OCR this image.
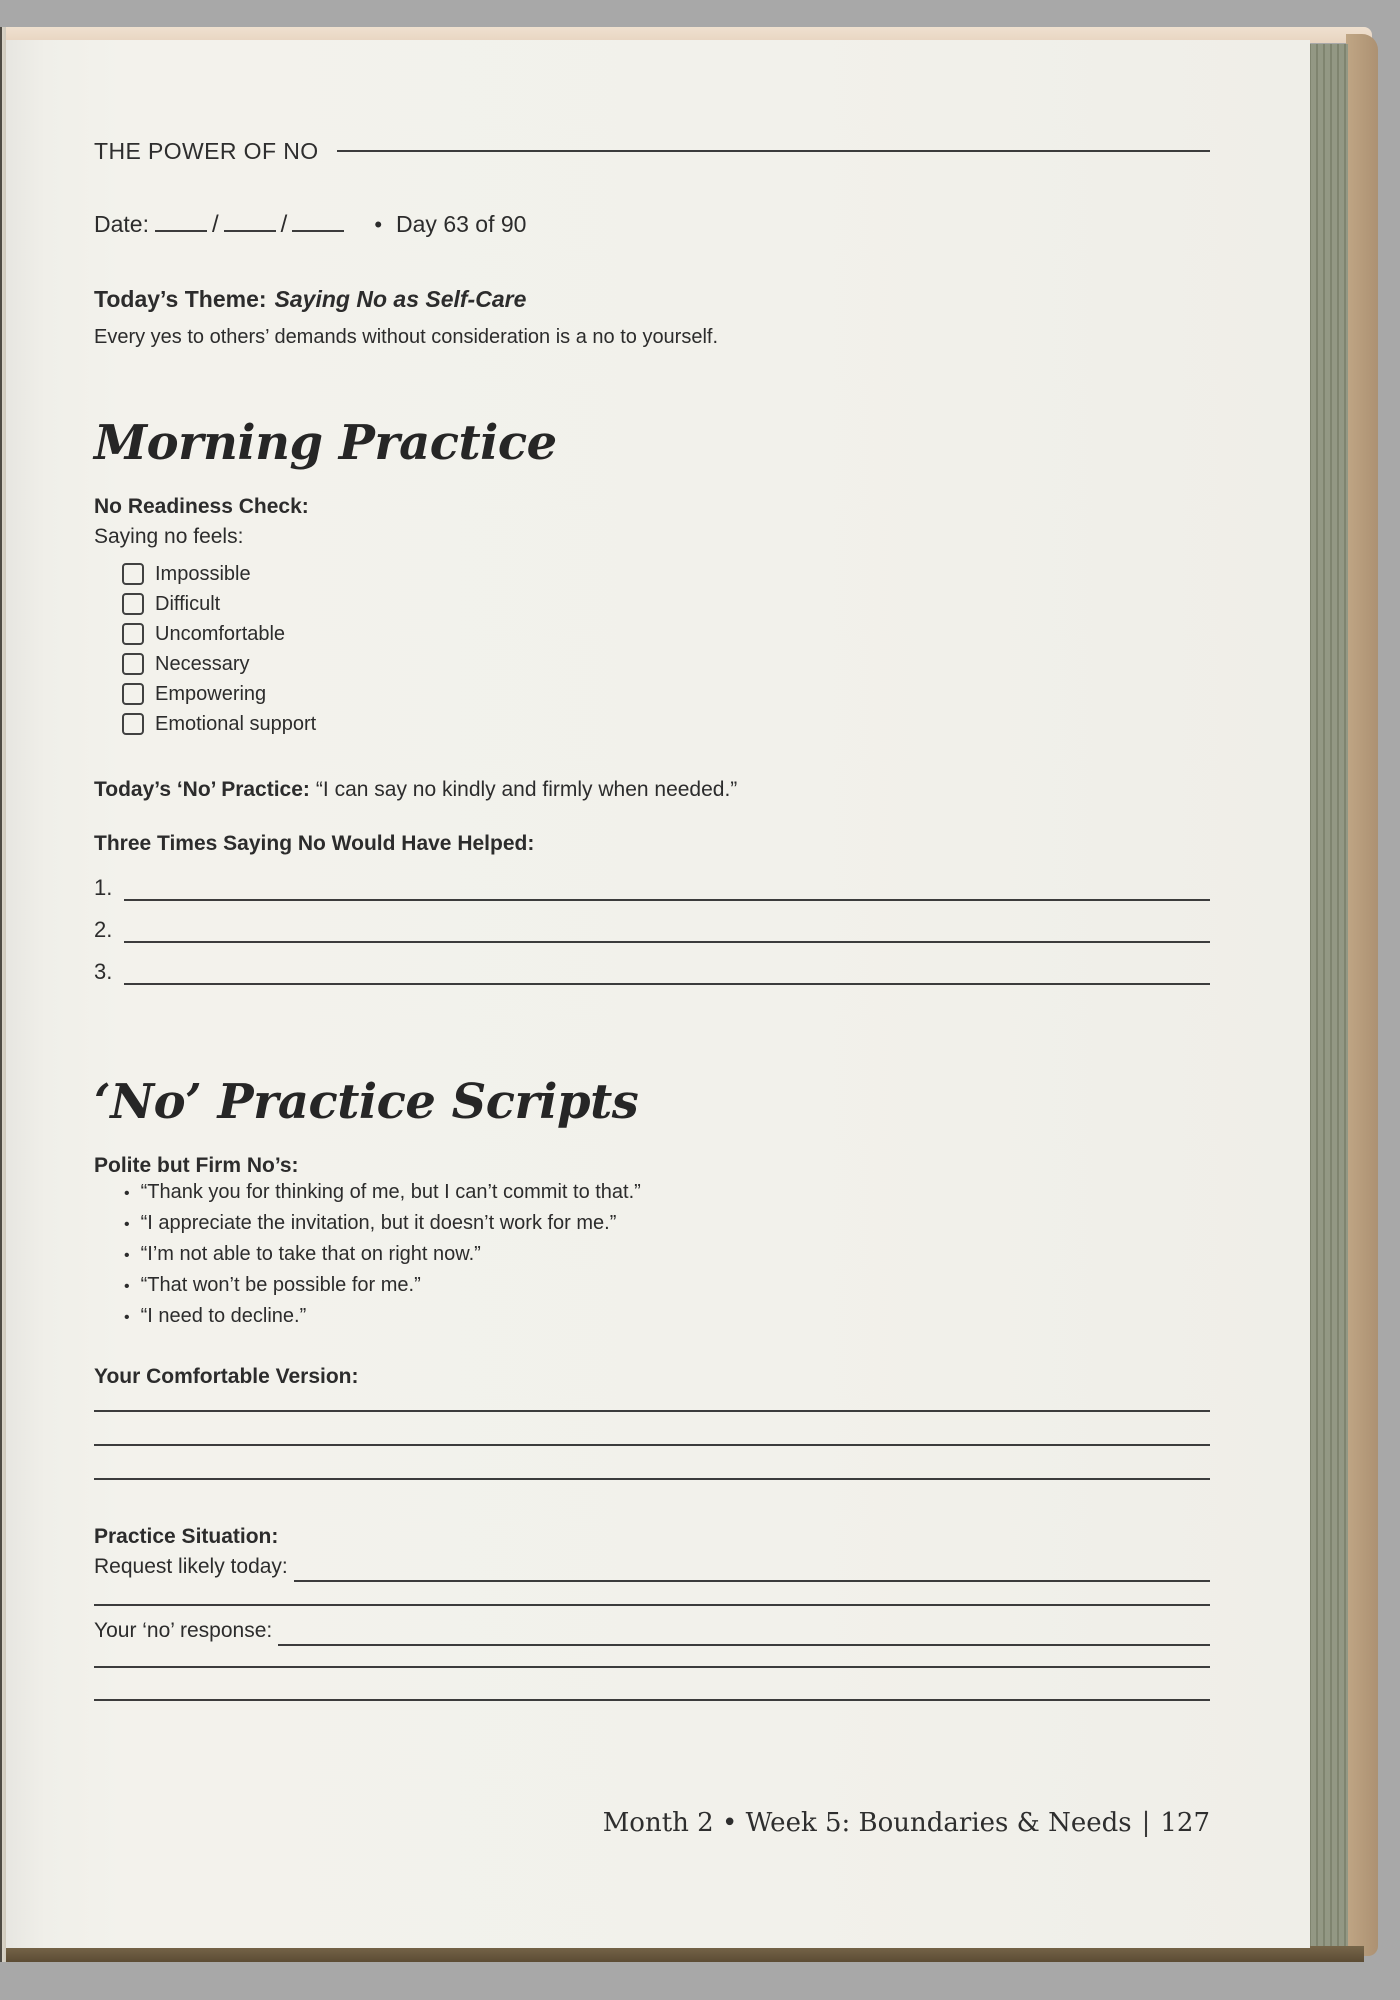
THE POWER OF NO
Date:	/	/	• Day 63 of 90
Today’s Theme: Saying No as Self-Care
Every yes to others’ demands without consideration is a no to yourself.
Morning Practice
No Readiness Check:
Saying no feels:
Impossible
Difficult
Uncomfortable
Necessary
Empowering
Emotional support
Today’s ‘No’ Practice: “I can say no kindly and firmly when needed.”
Three Times Saying No Would Have Helped:
1.
2.
3.
‘No’ Practice Scripts
Polite but Firm No’s:
• “Thank you for thinking of me, but I can’t commit to that.”
• “I appreciate the invitation, but it doesn’t work for me.”
• “I’m not able to take that on right now.”
• “That won’t be possible for me.”
• “I need to decline.”
Your Comfortable Version:
Practice Situation:
Request likely today:
Your ‘no’ response:
Month 2 • Week 5: Boundaries & Needs | 127
